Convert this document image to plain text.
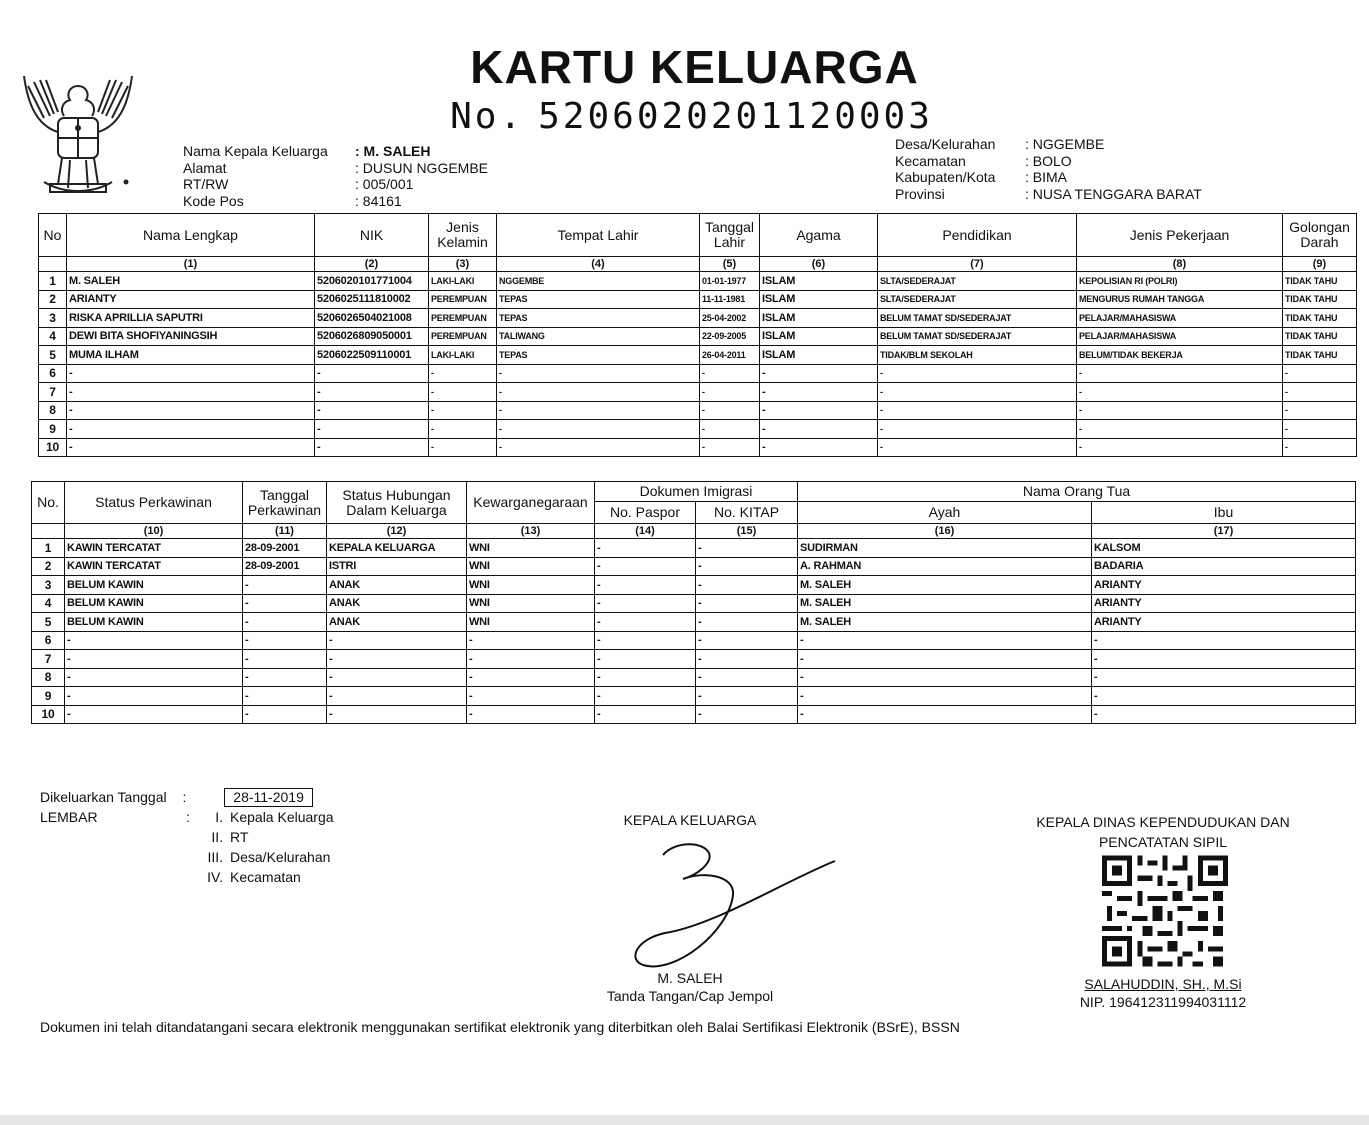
KARTU KELUARGA
No. 5206020201120003
Nama Kepala Keluarga	: M. SALEH
Alamat	: DUSUN NGGEMBE
RT/RW	: 005/001
Kode Pos	: 84161
Desa/Kelurahan	: NGGEMBE
Kecamatan	: BOLO
Kabupaten/Kota	: BIMA
Provinsi	: NUSA TENGGARA BARAT
No	Nama Lengkap	NIK	Jenis Kelamin	Tempat Lahir	Tanggal Lahir	Agama	Pendidikan	Jenis Pekerjaan	Golongan Darah
	(1)	(2)	(3)	(4)	(5)	(6)	(7)	(8)	(9)
1	M. SALEH	5206020101771004	LAKI-LAKI	NGGEMBE	01-01-1977	ISLAM	SLTA/SEDERAJAT	KEPOLISIAN RI (POLRI)	TIDAK TAHU
2	ARIANTY	5206025111810002	PEREMPUAN	TEPAS	11-11-1981	ISLAM	SLTA/SEDERAJAT	MENGURUS RUMAH TANGGA	TIDAK TAHU
3	RISKA APRILLIA SAPUTRI	5206026504021008	PEREMPUAN	TEPAS	25-04-2002	ISLAM	BELUM TAMAT SD/SEDERAJAT	PELAJAR/MAHASISWA	TIDAK TAHU
4	DEWI BITA SHOFIYANINGSIH	5206026809050001	PEREMPUAN	TALIWANG	22-09-2005	ISLAM	BELUM TAMAT SD/SEDERAJAT	PELAJAR/MAHASISWA	TIDAK TAHU
5	MUMA ILHAM	5206022509110001	LAKI-LAKI	TEPAS	26-04-2011	ISLAM	TIDAK/BLM SEKOLAH	BELUM/TIDAK BEKERJA	TIDAK TAHU
6	-	-	-	-	-	-	-	-	-
7	-	-	-	-	-	-	-	-	-
8	-	-	-	-	-	-	-	-	-
9	-	-	-	-	-	-	-	-	-
10	-	-	-	-	-	-	-	-	-
No.	Status Perkawinan	Tanggal Perkawinan	Status Hubungan Dalam Keluarga	Kewarganegaraan	Dokumen Imigrasi		Nama Orang Tua	
					No. Paspor	No. KITAP	Ayah	Ibu
	(10)	(11)	(12)	(13)	(14)	(15)	(16)	(17)
1	KAWIN TERCATAT	28-09-2001	KEPALA KELUARGA	WNI	-	-	SUDIRMAN	KALSOM
2	KAWIN TERCATAT	28-09-2001	ISTRI	WNI	-	-	A. RAHMAN	BADARIA
3	BELUM KAWIN	-	ANAK	WNI	-	-	M. SALEH	ARIANTY
4	BELUM KAWIN	-	ANAK	WNI	-	-	M. SALEH	ARIANTY
5	BELUM KAWIN	-	ANAK	WNI	-	-	M. SALEH	ARIANTY
6	-	-	-	-	-	-	-	-
7	-	-	-	-	-	-	-	-
8	-	-	-	-	-	-	-	-
9	-	-	-	-	-	-	-	-
10	-	-	-	-	-	-	-	-
Dikeluarkan Tanggal :	28-11-2019
LEMBAR	:	I. Kepala Keluarga
II. RT
III. Desa/Kelurahan
IV. Kecamatan
KEPALA KELUARGA
M. SALEH
Tanda Tangan/Cap Jempol
KEPALA DINAS KEPENDUDUKAN DAN
PENCATATAN SIPIL
SALAHUDDIN, SH., M.Si
NIP. 196412311994031112
Dokumen ini telah ditandatangani secara elektronik menggunakan sertifikat elektronik yang diterbitkan oleh Balai Sertifikasi Elektronik (BSrE), BSSN
